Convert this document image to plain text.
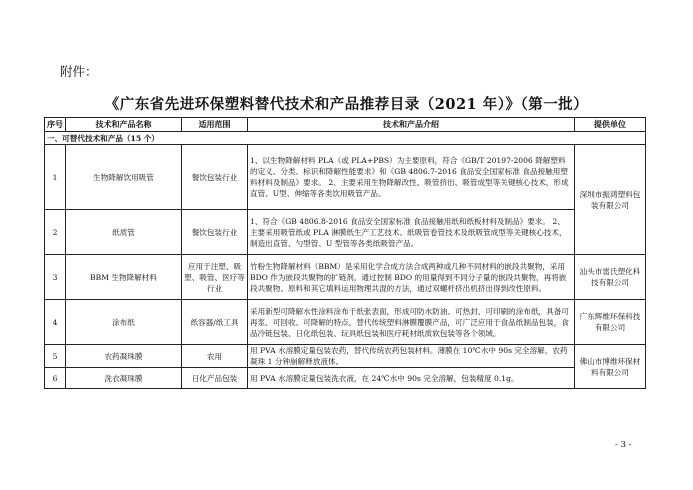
附件：
《广东省先进环保塑料替代技术和产品推荐目录（2021 年）》（第一批）
序号	技术和产品名称	适用范围	技术和产品介绍	提供单位
一、可替代技术和产品（15 个）				
1	生物降解饮用吸管	餐饮包装行业	1、以生物降解材料 PLA（或 PLA+PBS）为主要原料，符合《GB/T 20197-2006 降解塑料的定义、分类、标识和降解性能要求》和《GB 4806.7-2016 食品安全国家标准 食品接触用塑料材料及制品》要求。 2、主要采用生物降解改性、吸管挤出、吸管成型等关键核心技术，形成直管、U型、伸缩等各类饮用吸管产品。	深圳市振鸿塑料包装有限公司
2	纸质管	餐饮包装行业	1、符合《GB 4806.8-2016 食品安全国家标准 食品接触用纸和纸板材料及制品》要求。 2、主要采用吸管纸或 PLA 淋膜纸生产工艺技术、纸吸管卷管技术及纸吸管成型等关键核心技术，制造出直管、勺型管、U 型管等各类纸吸管产品。	
3	BBM 生物降解材料	应用于注塑、吸塑、吸管、医疗等行业	竹粉生物降解材料（BBM）是采用化学合成方法合成两种或几种不同材料的嵌段共聚物，采用 BDO 作为嵌段共聚物的扩链剂，通过控制 BDO 的用量得到不同分子量的嵌段共聚物，再将嵌段共聚物、原料和其它填料运用物理共混的方法，通过双螺杆挤出机挤出得到改性原料。	汕头市雷氏塑化科技有限公司
4	涂布纸	纸容器/纸工具	采用新型可降解水性涂料涂布于纸张表面，形成可防水防油、可热封、可印刷的涂布纸，具备可再浆、可回收、可降解的特点，替代传统塑料淋膜覆膜产品，可广泛应用于食品纸制品包装，食品冷链包装、日化纸包装、玩具纸包装和医疗耗材纸质软包装等各个领域。	广东辉维环保科技有限公司
5	农药凝珠膜	农用	用 PVA 水溶膜定量包装农药，替代传统农药包装材料。薄膜在 10℃水中 90s 完全溶解，农药凝珠 1 分钟崩解释放液体。	佛山市博维环保材料有限公司
6	洗衣凝珠膜	日化产品包装	用 PVA 水溶膜定量包装洗衣液，在 24℃水中 90s 完全溶解，包装精度 0.1g。	
- 3 -
